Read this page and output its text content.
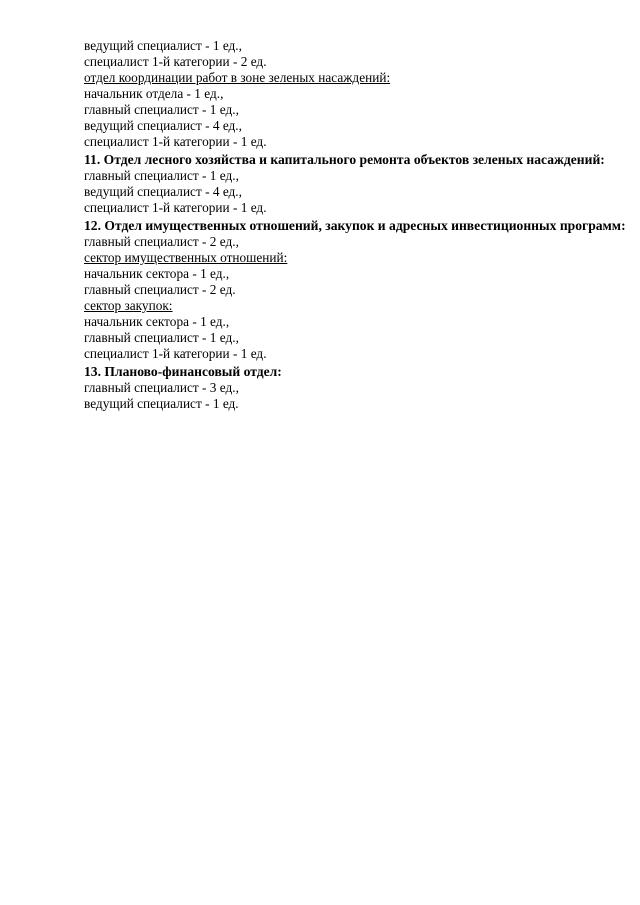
ведущий специалист - 1 ед.,
специалист 1-й категории - 2 ед.
отдел координации работ в зоне зеленых насаждений:
начальник отдела - 1 ед.,
главный специалист - 1 ед.,
ведущий специалист - 4 ед.,
специалист 1-й категории - 1 ед.
11. Отдел лесного хозяйства и капитального ремонта объектов зеленых насаждений:
главный специалист - 1 ед.,
ведущий специалист - 4 ед.,
специалист 1-й категории - 1 ед.
12. Отдел имущественных отношений, закупок и адресных инвестиционных программ:
главный специалист - 2 ед.,
сектор имущественных отношений:
начальник сектора - 1 ед.,
главный специалист - 2 ед.
сектор закупок:
начальник сектора - 1 ед.,
главный специалист - 1 ед.,
специалист 1-й категории - 1 ед.
13. Планово-финансовый отдел:
главный специалист - 3 ед.,
ведущий специалист - 1 ед.
